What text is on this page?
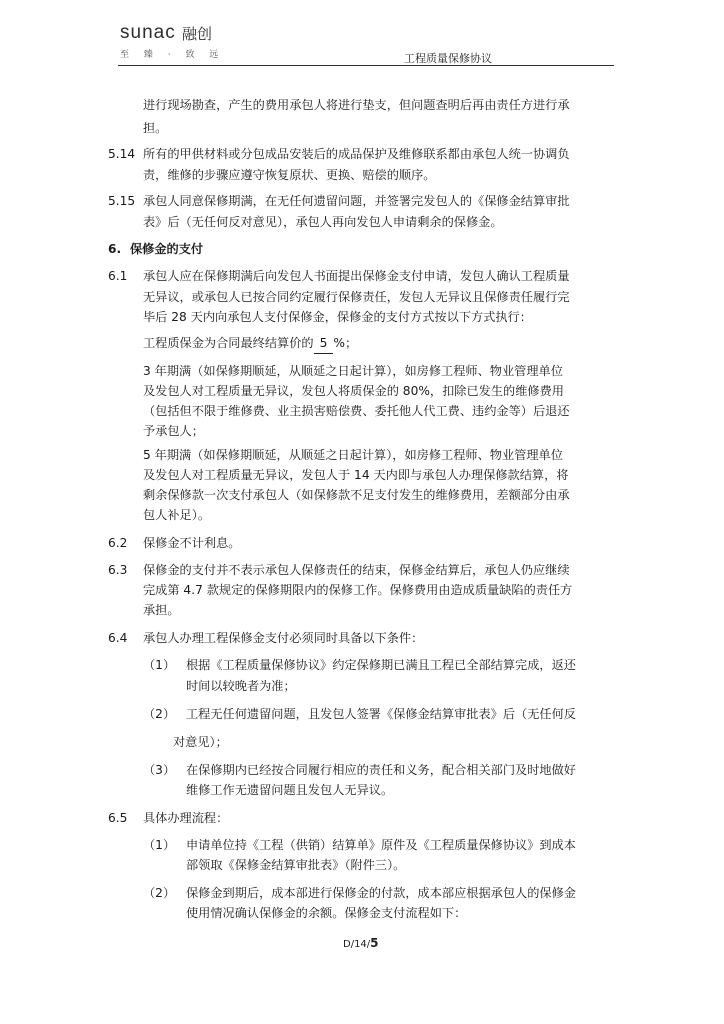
sunac 融创
至 臻 · 致 远	工程质量保修协议
进行现场勘查，产生的费用承包人将进行垫支，但问题查明后再由责任方进行承
担。
5.14 所有的甲供材料或分包成品安装后的成品保护及维修联系都由承包人统一协调负
责，维修的步骤应遵守恢复原状、更换、赔偿的顺序。
5.15 承包人同意保修期满，在无任何遗留问题，并签署完发包人的《保修金结算审批
表》后（无任何反对意见），承包人再向发包人申请剩余的保修金。
6. 保修金的支付
6.1 承包人应在保修期满后向发包人书面提出保修金支付申请，发包人确认工程质量
无异议，或承包人已按合同约定履行保修责任，发包人无异议且保修责任履行完
毕后 28 天内向承包人支付保修金，保修金的支付方式按以下方式执行：
工程质保金为合同最终结算价的 5 %；
3 年期满（如保修期顺延，从顺延之日起计算），如房修工程师、物业管理单位
及发包人对工程质量无异议，发包人将质保金的 80%，扣除已发生的维修费用
（包括但不限于维修费、业主损害赔偿费、委托他人代工费、违约金等）后退还
予承包人；
5 年期满（如保修期顺延，从顺延之日起计算），如房修工程师、物业管理单位
及发包人对工程质量无异议，发包人于 14 天内即与承包人办理保修款结算，将
剩余保修款一次支付承包人（如保修款不足支付发生的维修费用，差额部分由承
包人补足）。
6.2 保修金不计利息。
6.3 保修金的支付并不表示承包人保修责任的结束，保修金结算后，承包人仍应继续
完成第 4.7 款规定的保修期限内的保修工作。保修费用由造成质量缺陷的责任方
承担。
6.4 承包人办理工程保修金支付必须同时具备以下条件：
（1） 根据《工程质量保修协议》约定保修期已满且工程已全部结算完成，返还
时间以较晚者为准；
（2） 工程无任何遗留问题，且发包人签署《保修金结算审批表》后（无任何反
对意见）；
（3） 在保修期内已经按合同履行相应的责任和义务，配合相关部门及时地做好
维修工作无遗留问题且发包人无异议。
6.5 具体办理流程：
（1） 申请单位持《工程（供销）结算单》原件及《工程质量保修协议》到成本
部领取《保修金结算审批表》（附件三）。
（2） 保修金到期后，成本部进行保修金的付款，成本部应根据承包人的保修金
使用情况确认保修金的余额。保修金支付流程如下：
D/14/5
